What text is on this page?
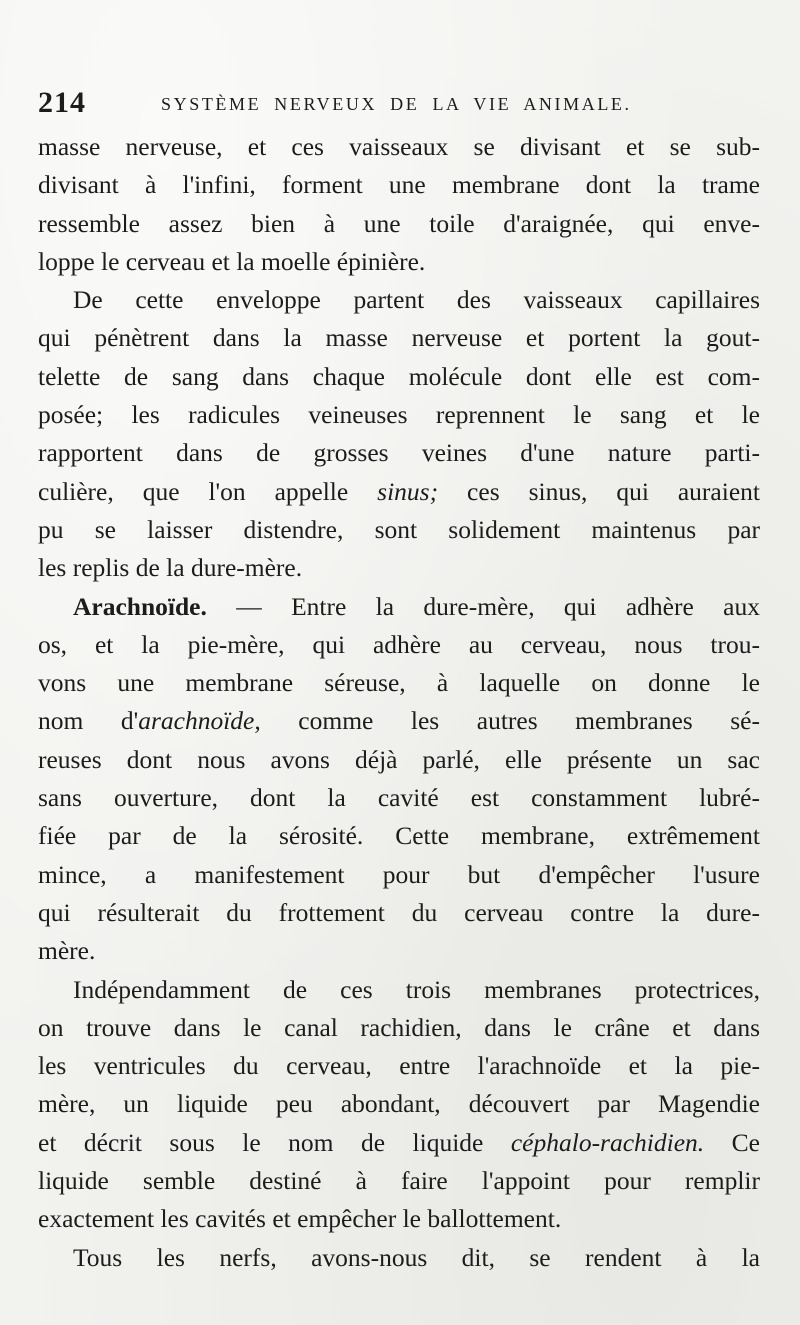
214	SYSTÈME NERVEUX DE LA VIE ANIMALE.
masse nerveuse, et ces vaisseaux se divisant et se sub-
divisant à l'infini, forment une membrane dont la trame
ressemble assez bien à une toile d'araignée, qui enve-
loppe le cerveau et la moelle épinière.
De cette enveloppe partent des vaisseaux capillaires
qui pénètrent dans la masse nerveuse et portent la gout-
telette de sang dans chaque molécule dont elle est com-
posée; les radicules veineuses reprennent le sang et le
rapportent dans de grosses veines d'une nature parti-
culière, que l'on appelle sinus; ces sinus, qui auraient
pu se laisser distendre, sont solidement maintenus par
les replis de la dure-mère.
Arachnoïde. — Entre la dure-mère, qui adhère aux
os, et la pie-mère, qui adhère au cerveau, nous trou-
vons une membrane séreuse, à laquelle on donne le
nom d'arachnoïde, comme les autres membranes sé-
reuses dont nous avons déjà parlé, elle présente un sac
sans ouverture, dont la cavité est constamment lubré-
fiée par de la sérosité. Cette membrane, extrêmement
mince, a manifestement pour but d'empêcher l'usure
qui résulterait du frottement du cerveau contre la dure-
mère.
Indépendamment de ces trois membranes protectrices,
on trouve dans le canal rachidien, dans le crâne et dans
les ventricules du cerveau, entre l'arachnoïde et la pie-
mère, un liquide peu abondant, découvert par Magendie
et décrit sous le nom de liquide céphalo-rachidien. Ce
liquide semble destiné à faire l'appoint pour remplir
exactement les cavités et empêcher le ballottement.
Tous les nerfs, avons-nous dit, se rendent à la
